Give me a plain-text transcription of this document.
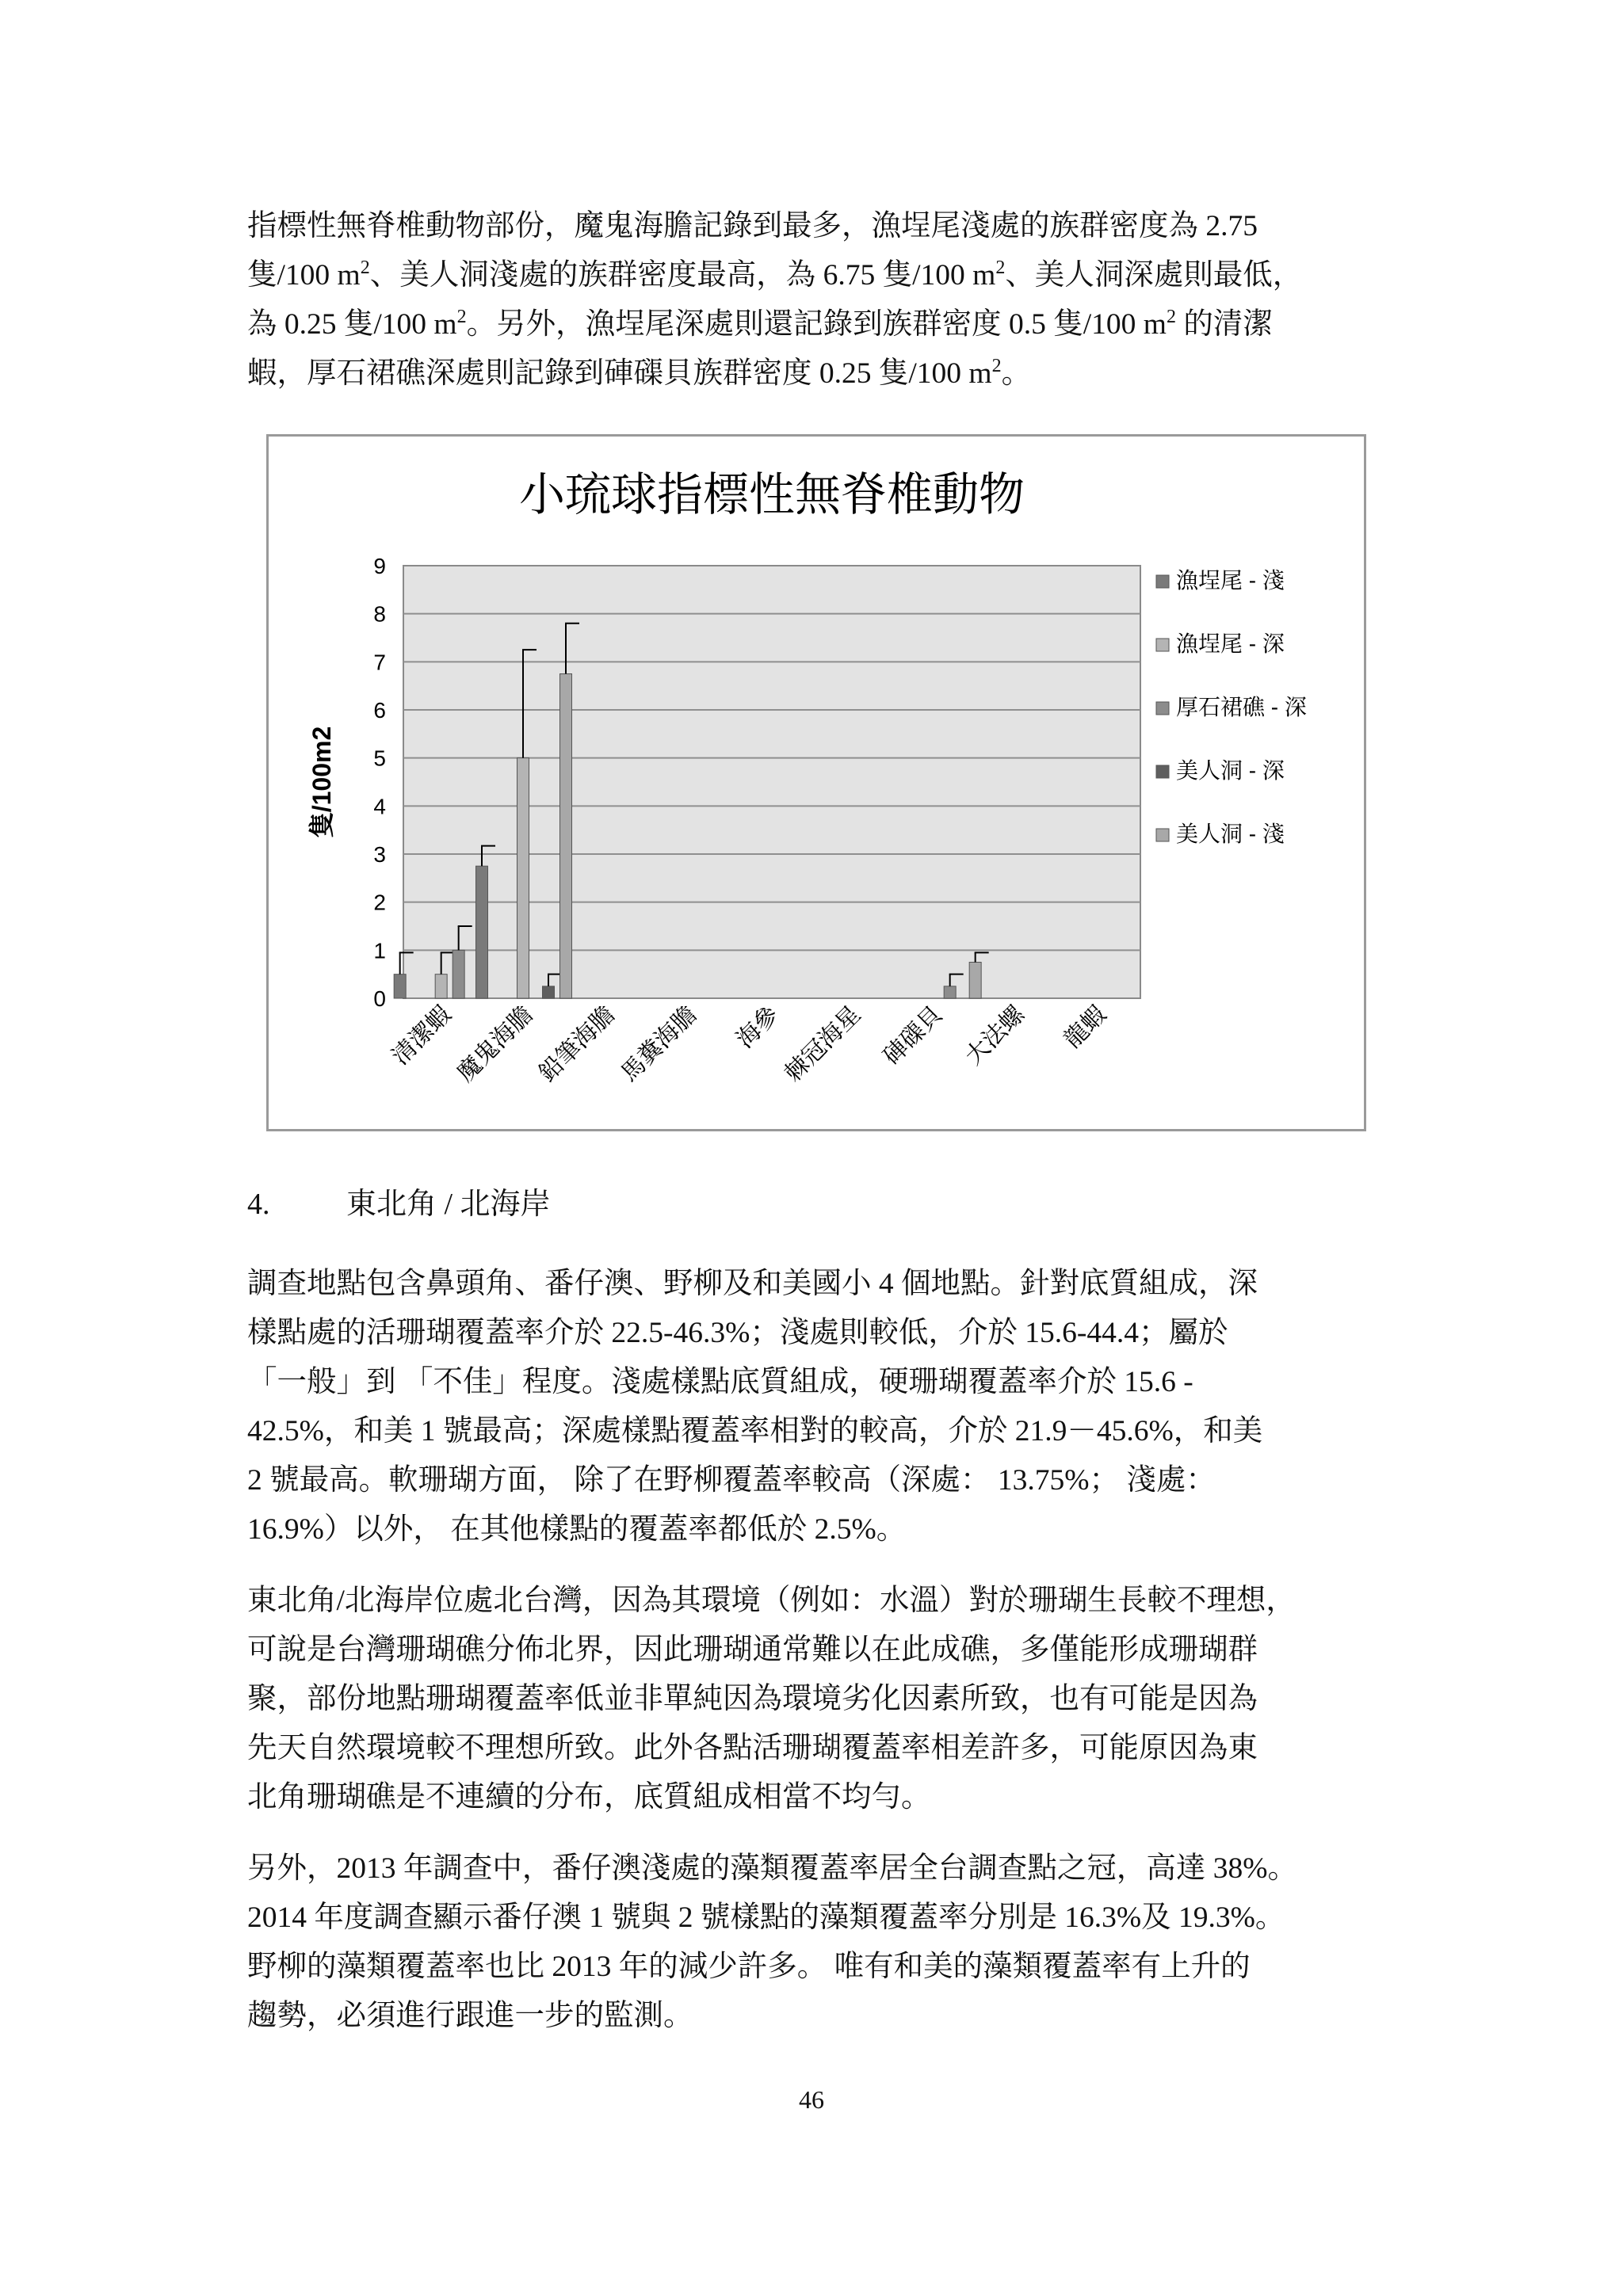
指標性無脊椎動物部份，魔鬼海膽記錄到最多，漁埕尾淺處的族群密度為 2.75

隻/100 $m^2$、美人洞淺處的族群密度最高，為 6.75 隻/100 $m^2$、美人洞深處則最低，

為 0.25 隻/100 $m^2$。另外，漁埕尾深處則還記錄到族群密度 0.5 隻/100 $m^2$ 的清潔

蝦，厚石裙礁深處則記錄到硨磲貝族群密度 0.25 隻/100 $m^2$。

小琉球指標性無脊椎動物
隻/100m2
0
1
2
3
4
5
6
7
8
9
清潔蝦
魔鬼海膽
鉛筆海膽
馬糞海膽 海參
棘冠海星 硨磲貝 大法螺 龍蝦
漁埕尾 - 淺
漁埕尾 - 深
厚石裙礁 - 深
美人洞 - 深
美人洞 - 淺
4.	東北角 / 北海岸

調查地點包含鼻頭角、番仔澳、野柳及和美國小 4 個地點。針對底質組成，深

樣點處的活珊瑚覆蓋率介於 22.5-46.3%；淺處則較低，介於 15.6-44.4；屬於

「一般」到 「不佳」程度。淺處樣點底質組成，硬珊瑚覆蓋率介於 15.6 -

42.5%，和美 1 號最高；深處樣點覆蓋率相對的較高，介於 21.9－45.6%，和美

2 號最高。軟珊瑚方面， 除了在野柳覆蓋率較高（深處： 13.75%； 淺處：

16.9%）以外， 在其他樣點的覆蓋率都低於 2.5%。

東北角/北海岸位處北台灣，因為其環境（例如：水溫）對於珊瑚生長較不理想，

可說是台灣珊瑚礁分佈北界，因此珊瑚通常難以在此成礁，多僅能形成珊瑚群

聚，部份地點珊瑚覆蓋率低並非單純因為環境劣化因素所致，也有可能是因為

先天自然環境較不理想所致。此外各點活珊瑚覆蓋率相差許多，可能原因為東

北角珊瑚礁是不連續的分布，底質組成相當不均勻。

另外，2013 年調查中，番仔澳淺處的藻類覆蓋率居全台調查點之冠，高達 38%。

2014 年度調查顯示番仔澳 1 號與 2 號樣點的藻類覆蓋率分別是 16.3%及 19.3%。

野柳的藻類覆蓋率也比 2013 年的減少許多。 唯有和美的藻類覆蓋率有上升的

趨勢，必須進行跟進一步的監測。

46
